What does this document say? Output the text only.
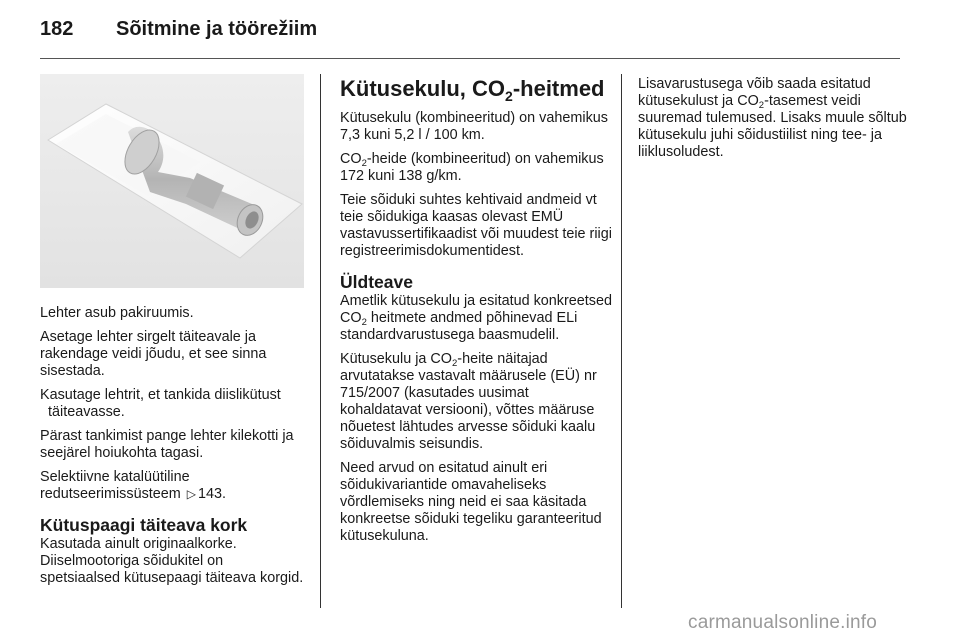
182 Sõitmine ja töörežiim

Lehter asub pakiruumis.

Asetage lehter sirgelt täiteavale ja rakendage veidi jõudu, et see sinna sisestada.

Kasutage lehtrit, et tankida diislikütust täiteavasse.

Pärast tankimist pange lehter kilekotti ja seejärel hoiukohta tagasi.

Selektiivne katalüütiline redutseerimissüsteem ▷ 143.

Kütuspaagi täiteava kork

Kasutada ainult originaalkorke. Diiselmootoriga sõidukitel on spetsiaalsed kütusepaagi täiteava korgid.

Kütusekulu, $CO_2$-heitmed

Kütusekulu (kombineeritud) on vahemikus 7,3 kuni 5,2 l / 100 km.

$CO_2$-heide (kombineeritud) on vahemikus 172 kuni 138 g/km.

Teie sõiduki suhtes kehtivaid andmeid vt teie sõidukiga kaasas olevast EMÜ vastavussertifikaadist või muudest teie riigi registreerimisdokumentidest.

Üldteave

Ametlik kütusekulu ja esitatud konkreetsed $CO_2$ heitmete andmed põhinevad ELi standardvarustusega baasmudelil.

Kütusekulu ja $CO_2$-heite näitajad arvutatakse vastavalt määrusele (EÜ) nr 715/2007 (kasutades uusimat kohaldatavat versiooni), võttes määruse nõuetest lähtudes arvesse sõiduki kaalu sõiduvalmis seisundis.

Need arvud on esitatud ainult eri sõidukivariantide omavaheliseks võrdlemiseks ning neid ei saa käsitada konkreetse sõiduki tegeliku garanteeritud kütusekuluna.

Lisavarustusega võib saada esitatud kütusekulust ja $CO_2$-tasemest veidi suuremad tulemused. Lisaks muule sõltub kütusekulu juhi sõidustiilist ning tee- ja liiklusoludest.

carmanualsonline.info
